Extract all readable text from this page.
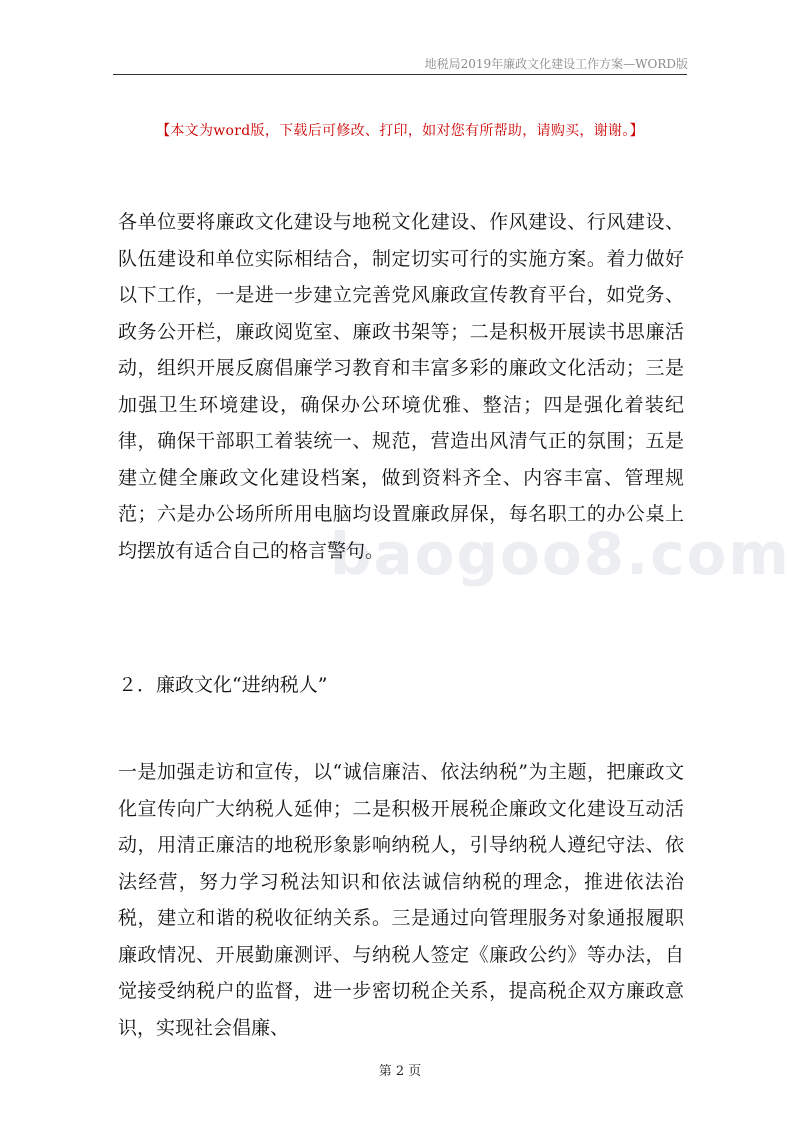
地税局2019年廉政文化建设工作方案—WORD版
【本文为word版，下载后可修改、打印，如对您有所帮助，请购买，谢谢。】
baogoo8.com
各单位要将廉政文化建设与地税文化建设、作风建设、行风建设、队伍建设和单位实际相结合，制定切实可行的实施方案。着力做好以下工作，一是进一步建立完善党风廉政宣传教育平台，如党务、政务公开栏，廉政阅览室、廉政书架等；二是积极开展读书思廉活动，组织开展反腐倡廉学习教育和丰富多彩的廉政文化活动；三是加强卫生环境建设，确保办公环境优雅、整洁；四是强化着装纪律，确保干部职工着装统一、规范，营造出风清气正的氛围；五是建立健全廉政文化建设档案，做到资料齐全、内容丰富、管理规范；六是办公场所所用电脑均设置廉政屏保，每名职工的办公桌上均摆放有适合自己的格言警句。
２．廉政文化“进纳税人”
一是加强走访和宣传，以“诚信廉洁、依法纳税”为主题，把廉政文化宣传向广大纳税人延伸；二是积极开展税企廉政文化建设互动活动，用清正廉洁的地税形象影响纳税人，引导纳税人遵纪守法、依法经营，努力学习税法知识和依法诚信纳税的理念，推进依法治税，建立和谐的税收征纳关系。三是通过向管理服务对象通报履职廉政情况、开展勤廉测评、与纳税人签定《廉政公约》等办法，自觉接受纳税户的监督，进一步密切税企关系，提高税企双方廉政意识，实现社会倡廉、
第 2 页
